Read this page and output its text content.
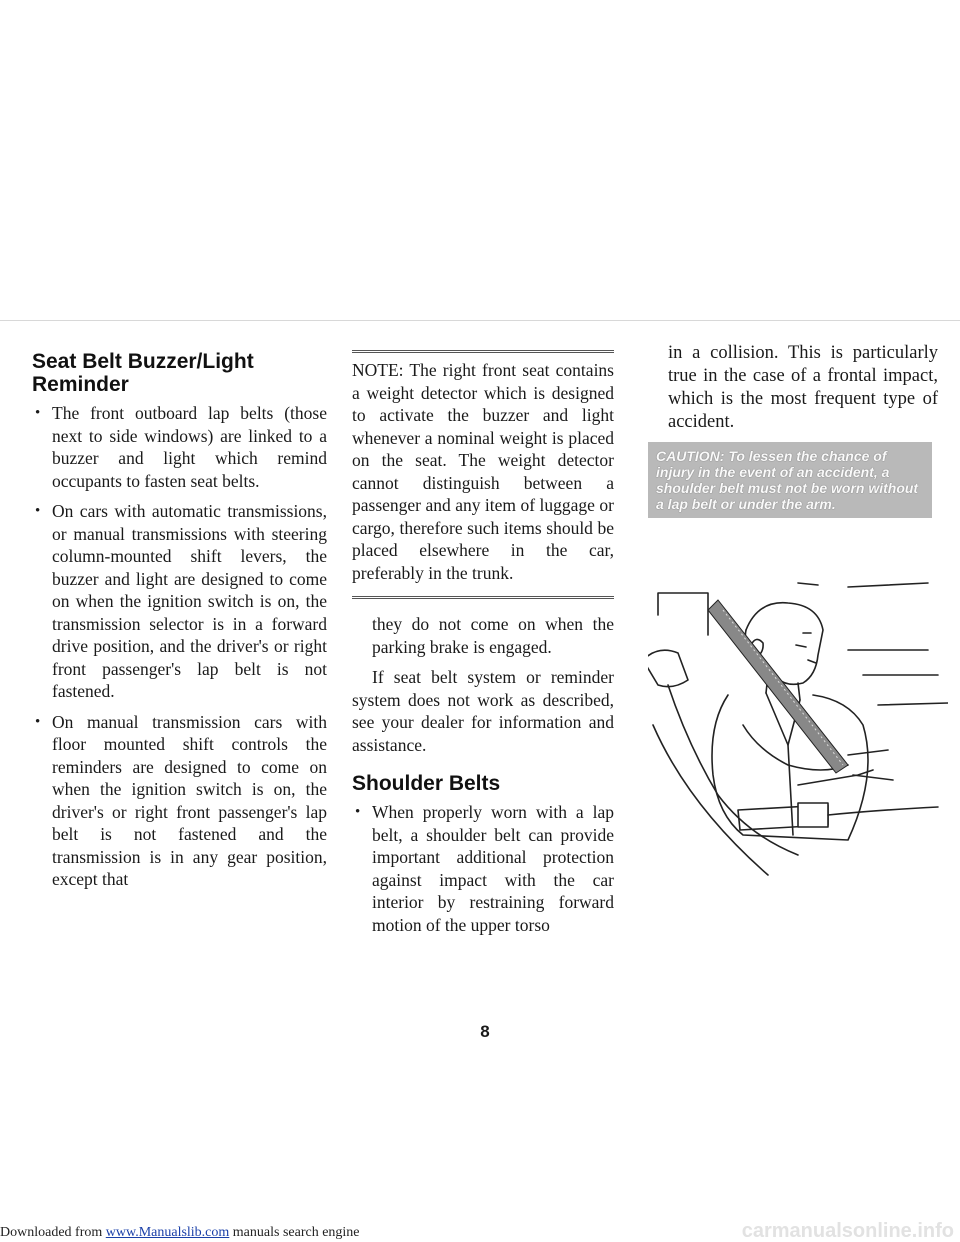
Seat Belt Buzzer/Light
Reminder
• The front outboard lap belts (those next to side windows) are linked to a buzzer and light which remind occupants to fasten seat belts.
• On cars with automatic transmissions, or manual transmissions with steering column-mounted shift levers, the buzzer and light are designed to come on when the ignition switch is on, the transmission selector is in a forward drive position, and the driver's or right front passenger's lap belt is not fastened.
• On manual transmission cars with floor mounted shift controls the reminders are designed to come on when the ignition switch is on, the driver's or right front passenger's lap belt is not fastened and the transmission is in any gear position, except that

NOTE: The right front seat contains a weight detector which is designed to activate the buzzer and light whenever a nominal weight is placed on the seat. The weight detector cannot distinguish between a passenger and any item of luggage or cargo, therefore such items should be placed elsewhere in the car, preferably in the trunk.

they do not come on when the parking brake is engaged.

If seat belt system or reminder system does not work as described, see your dealer for information and assistance.

Shoulder Belts
• When properly worn with a lap belt, a shoulder belt can provide important additional protection against impact with the car interior by restraining forward motion of the upper torso

in a collision. This is particularly true in the case of a frontal impact, which is the most frequent type of accident.

CAUTION: To lessen the chance of injury in the event of an accident, a shoulder belt must not be worn without a lap belt or under the arm.
8
Downloaded from www.Manualslib.com manuals search engine	carmanualsonline.info
